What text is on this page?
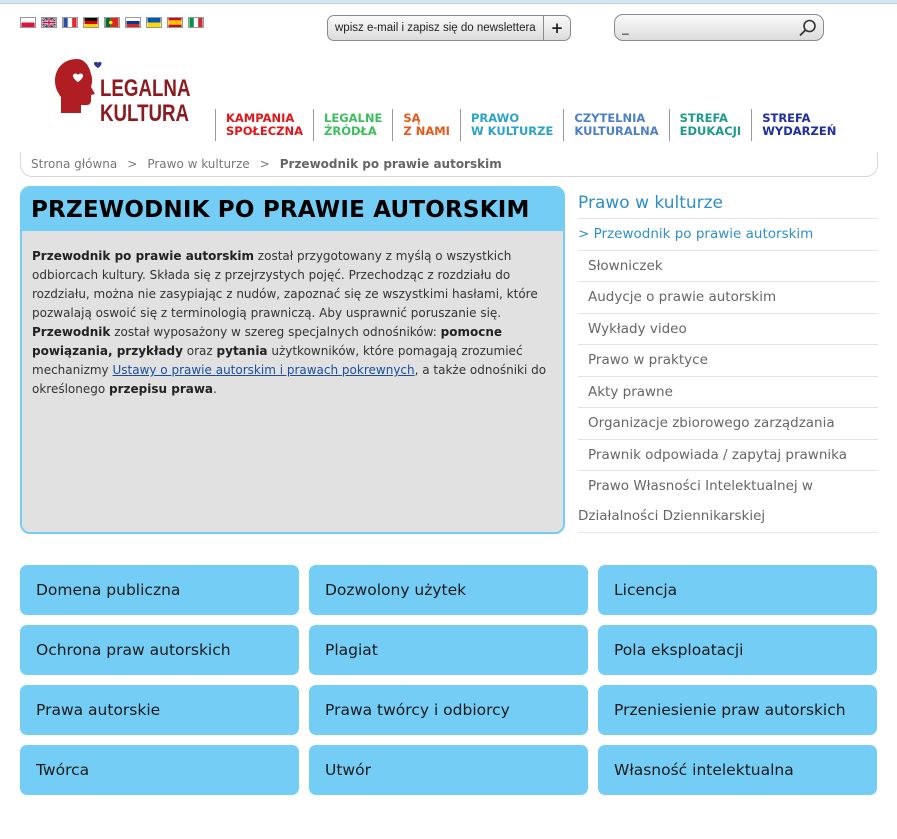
wpisz e-mail i zapisz się do newslettera
+
_
LEGALNA
KULTURA	KAMPANIA
SPOŁECZNA
LEGALNE
ŹRÓDŁA
SĄ
Z NAMI
PRAWO
W KULTURZE
CZYTELNIA
KULTURALNA
STREFA
EDUKACJI
STREFA
WYDARZEŃ
Strona główna > Prawo w kulturze > Przewodnik po prawie autorskim
PRZEWODNIK PO PRAWIE AUTORSKIM
Przewodnik po prawie autorskim został przygotowany z myślą o wszystkich odbiorcach kultury. Składa się z przejrzystych pojęć. Przechodząc z rozdziału do rozdziału, można nie zasypiając z nudów, zapoznać się ze wszystkimi hasłami, które pozwalają oswoić się z terminologią prawniczą. Aby usprawnić poruszanie się. Przewodnik został wyposażony w szereg specjalnych odnośników: pomocne powiązania, przykłady oraz pytania użytkowników, które pomagają zrozumieć mechanizmy Ustawy o prawie autorskim i prawach pokrewnych, a także odnośniki do określonego przepisu prawa.
Prawo w kulturze
> Przewodnik po prawie autorskim
Słowniczek
Audycje o prawie autorskim
Wykłady video
Prawo w praktyce
Akty prawne
Organizacje zbiorowego zarządzania
Prawnik odpowiada / zapytaj prawnika
Prawo Własności Intelektualnej w Działalności Dziennikarskiej
Domena publiczna	Dozwolony użytek	Licencja
Ochrona praw autorskich	Plagiat	Pola eksploatacji
Prawa autorskie	Prawa twórcy i odbiorcy	Przeniesienie praw autorskich
Twórca	Utwór	Własność intelektualna
